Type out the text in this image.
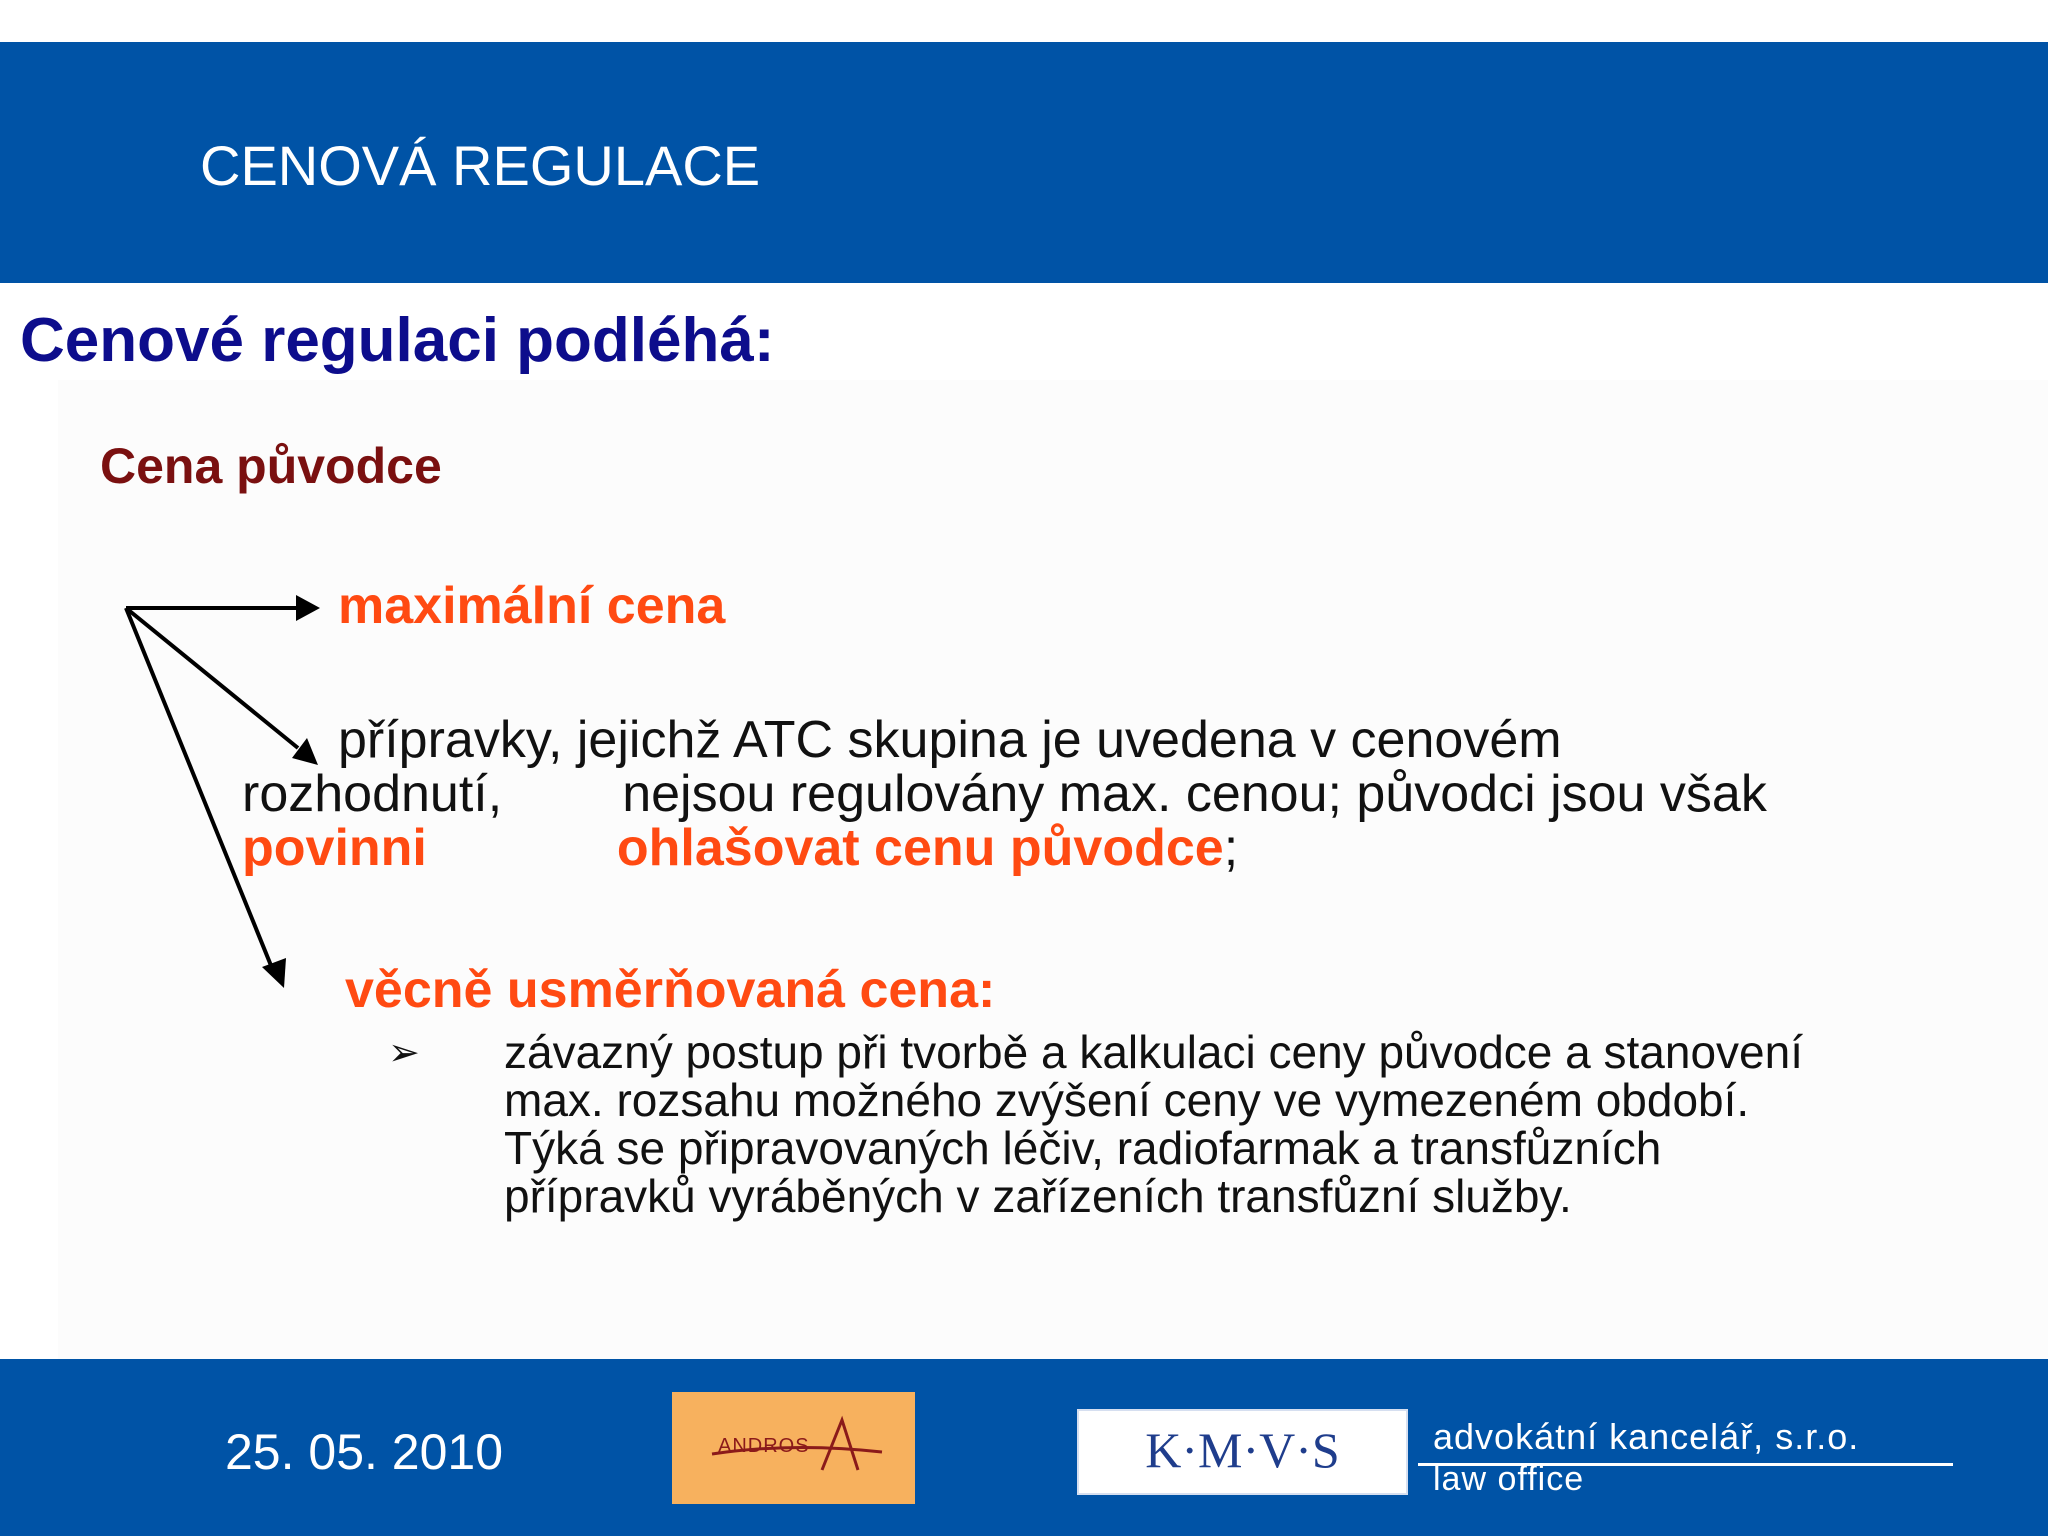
CENOVÁ REGULACE
Cenové regulaci podléhá:
Cena původce
maximální cena
přípravky, jejichž ATC skupina je uvedena v cenovém
rozhodnutí, nejsou regulovány max. cenou; původci jsou však
povinni	ohlašovat cenu původce;
věcně usměrňovaná cena:
➢ závazný postup při tvorbě a kalkulaci ceny původce a stanovení
max. rozsahu možného zvýšení ceny ve vymezeném období.
Týká se připravovaných léčiv, radiofarmak a transfůzních
přípravků vyráběných v zařízeních transfůzní služby.
25. 05. 2010	ANDROS	K·M·V·S	advokátní kancelář, s.r.o.
law office
